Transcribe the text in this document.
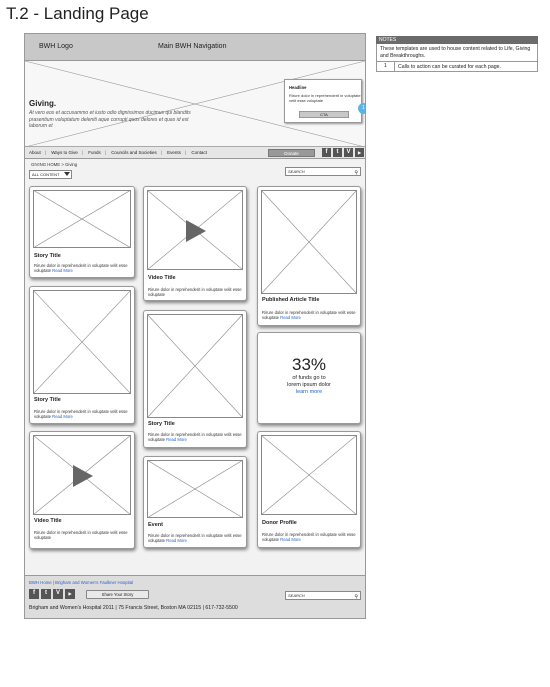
T.2 - Landing Page
BWH Logo	Main BWH Navigation
Giving.
At vero eos et accusammo et iusto odio dignissimos ducimus qui blandits prasentium voluptatum deleniti aque corrupti quos delores et quas id est laborum et
Headline
Rirure dolor in reprehenderit in voluptate velit esse voluptate
CTA
1
About | Ways to Give | Funds | Councils and Societies | Events | Contact	Donate	f	t	V	▶
GIVING HOME > Giving
ALL CONTENT
SEARCH	⚲
Story Title
Rirure dolor in reprehenderit in voluptate velit esse voluptate Read More
Story Title
Rirure dolor in reprehenderit in voluptate velit esse voluptate Read More
Video Title
Rirure dolor in reprehenderit in voluptate velit esse voluptate
Video Title
Rirure dolor in reprehenderit in voluptate velit esse voluptate
Story Title
Rirure dolor in reprehenderit in voluptate velit esse voluptate Read More
Event
Rirure dolor in reprehenderit in voluptate velit esse voluptate Read More
Published Article Title
Rirure dolor in reprehenderit in voluptate velit esse voluptate Read More
33%
of funds go to
lorem ipsum dolor
learn more
Donor Profile
Rirure dolor in reprehenderit in voluptate velit esse voluptate Read More
BWH Home | Brigham and Women's Faulkner Hospital
f	t	V	▶	Share Your Story	SEARCH	⚲
Brigham and Women's Hospital 2011 | 75 Francis Street, Boston MA 02115 | 617-732-5500
NOTES
These templates are used to house content related to Life, Giving and Breakthroughs.
1	Calls to action can be curated for each page.
